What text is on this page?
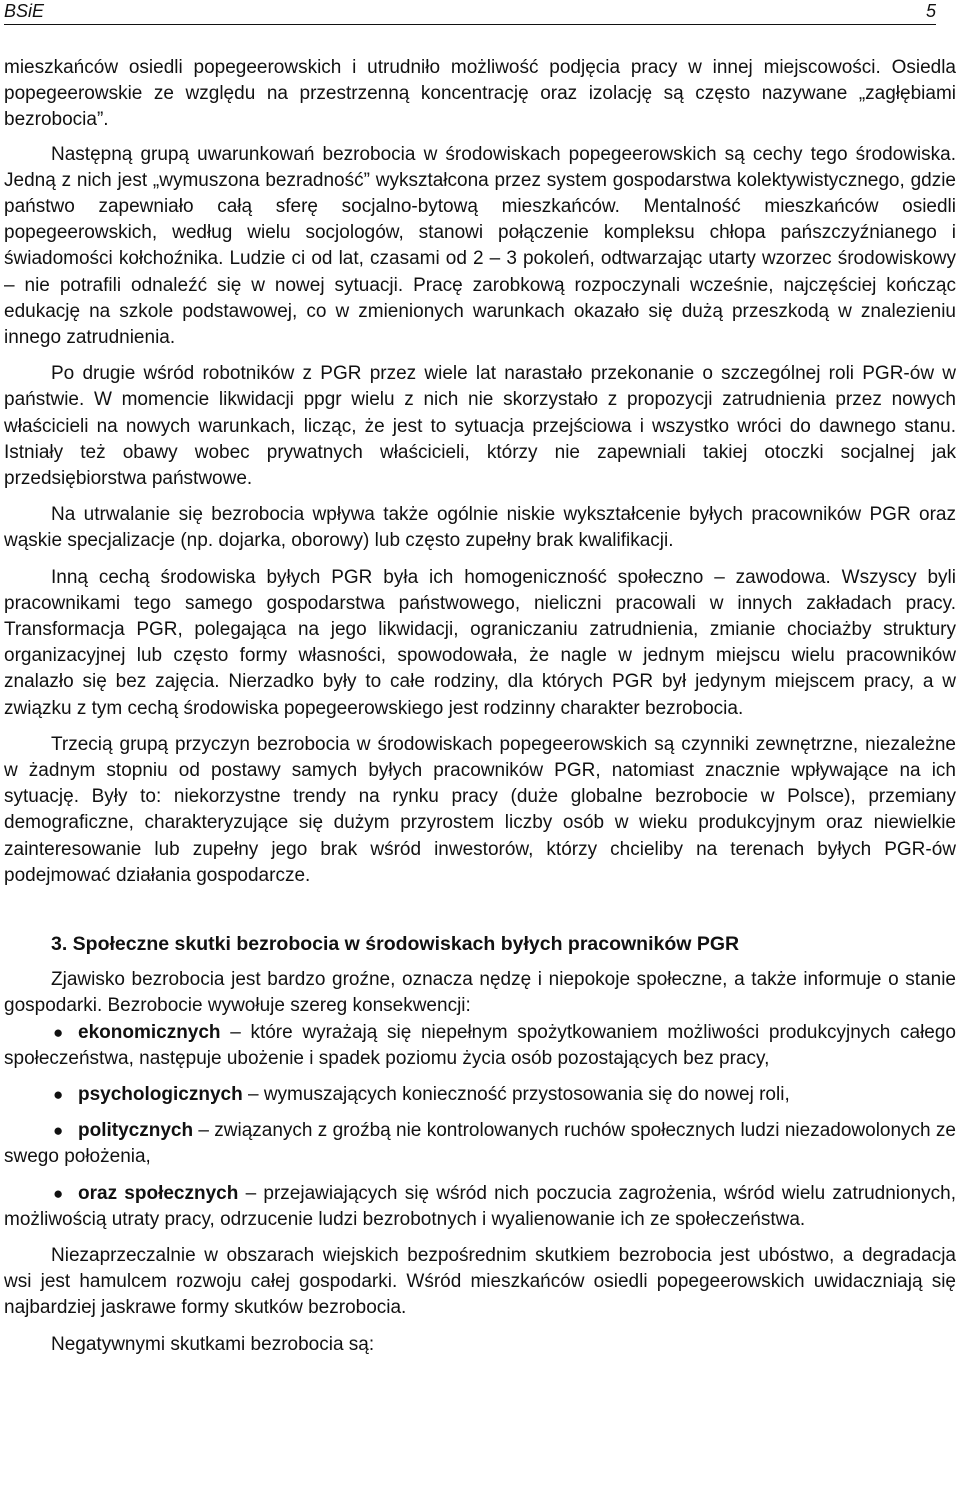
BSiE	5

mieszkańców osiedli popegeerowskich i utrudniło możliwość podjęcia pracy w innej miejscowości. Osiedla popegeerowskie ze względu na przestrzenną koncentrację oraz izolację są często nazywane „zagłębiami bezrobocia”.

Następną grupą uwarunkowań bezrobocia w środowiskach popegeerowskich są cechy tego środowiska. Jedną z nich jest „wymuszona bezradność” wykształcona przez system gospodarstwa kolektywistycznego, gdzie państwo zapewniało całą sferę socjalno-bytową mieszkańców. Mentalność mieszkańców osiedli popegeerowskich, według wielu socjologów, stanowi połączenie kompleksu chłopa pańszczyźnianego i świadomości kołchoźnika. Ludzie ci od lat, czasami od 2 – 3 pokoleń, odtwarzając utarty wzorzec środowiskowy – nie potrafili odnaleźć się w nowej sytuacji. Pracę zarobkową rozpoczynali wcześnie, najczęściej kończąc edukację na szkole podstawowej, co w zmienionych warunkach okazało się dużą przeszkodą w znalezieniu innego zatrudnienia.

Po drugie wśród robotników z PGR przez wiele lat narastało przekonanie o szczególnej roli PGR-ów w państwie. W momencie likwidacji ppgr wielu z nich nie skorzystało z propozycji zatrudnienia przez nowych właścicieli na nowych warunkach, licząc, że jest to sytuacja przejściowa i wszystko wróci do dawnego stanu. Istniały też obawy wobec prywatnych właścicieli, którzy nie zapewniali takiej otoczki socjalnej jak przedsiębiorstwa państwowe.

Na utrwalanie się bezrobocia wpływa także ogólnie niskie wykształcenie byłych pracowników PGR oraz wąskie specjalizacje (np. dojarka, oborowy) lub często zupełny brak kwalifikacji.

Inną cechą środowiska byłych PGR była ich homogeniczność społeczno – zawodowa. Wszyscy byli pracownikami tego samego gospodarstwa państwowego, nieliczni pracowali w innych zakładach pracy. Transformacja PGR, polegająca na jego likwidacji, ograniczaniu zatrudnienia, zmianie chociażby struktury organizacyjnej lub często formy własności, spowodowała, że nagle w jednym miejscu wielu pracowników znalazło się bez zajęcia. Nierzadko były to całe rodziny, dla których PGR był jedynym miejscem pracy, a w związku z tym cechą środowiska popegeerowskiego jest rodzinny charakter bezrobocia.

Trzecią grupą przyczyn bezrobocia w środowiskach popegeerowskich są czynniki zewnętrzne, niezależne w żadnym stopniu od postawy samych byłych pracowników PGR, natomiast znacznie wpływające na ich sytuację. Były to: niekorzystne trendy na rynku pracy (duże globalne bezrobocie w Polsce), przemiany demograficzne, charakteryzujące się dużym przyrostem liczby osób w wieku produkcyjnym oraz niewielkie zainteresowanie lub zupełny jego brak wśród inwestorów, którzy chcieliby na terenach byłych PGR-ów podejmować działania gospodarcze.

3. Społeczne skutki bezrobocia w środowiskach byłych pracowników PGR

Zjawisko bezrobocia jest bardzo groźne, oznacza nędzę i niepokoje społeczne, a także informuje o stanie gospodarki. Bezrobocie wywołuje szereg konsekwencji:

● ekonomicznych – które wyrażają się niepełnym spożytkowaniem możliwości produkcyjnych całego społeczeństwa, następuje ubożenie i spadek poziomu życia osób pozostających bez pracy,
● psychologicznych – wymuszających konieczność przystosowania się do nowej roli,
● politycznych – związanych z groźbą nie kontrolowanych ruchów społecznych ludzi niezadowolonych ze swego położenia,
● oraz społecznych – przejawiających się wśród nich poczucia zagrożenia, wśród wielu zatrudnionych, możliwością utraty pracy, odrzucenie ludzi bezrobotnych i wyalienowanie ich ze społeczeństwa.

Niezaprzeczalnie w obszarach wiejskich bezpośrednim skutkiem bezrobocia jest ubóstwo, a degradacja wsi jest hamulcem rozwoju całej gospodarki. Wśród mieszkańców osiedli popegeerowskich uwidaczniają się najbardziej jaskrawe formy skutków bezrobocia.

Negatywnymi skutkami bezrobocia są:
